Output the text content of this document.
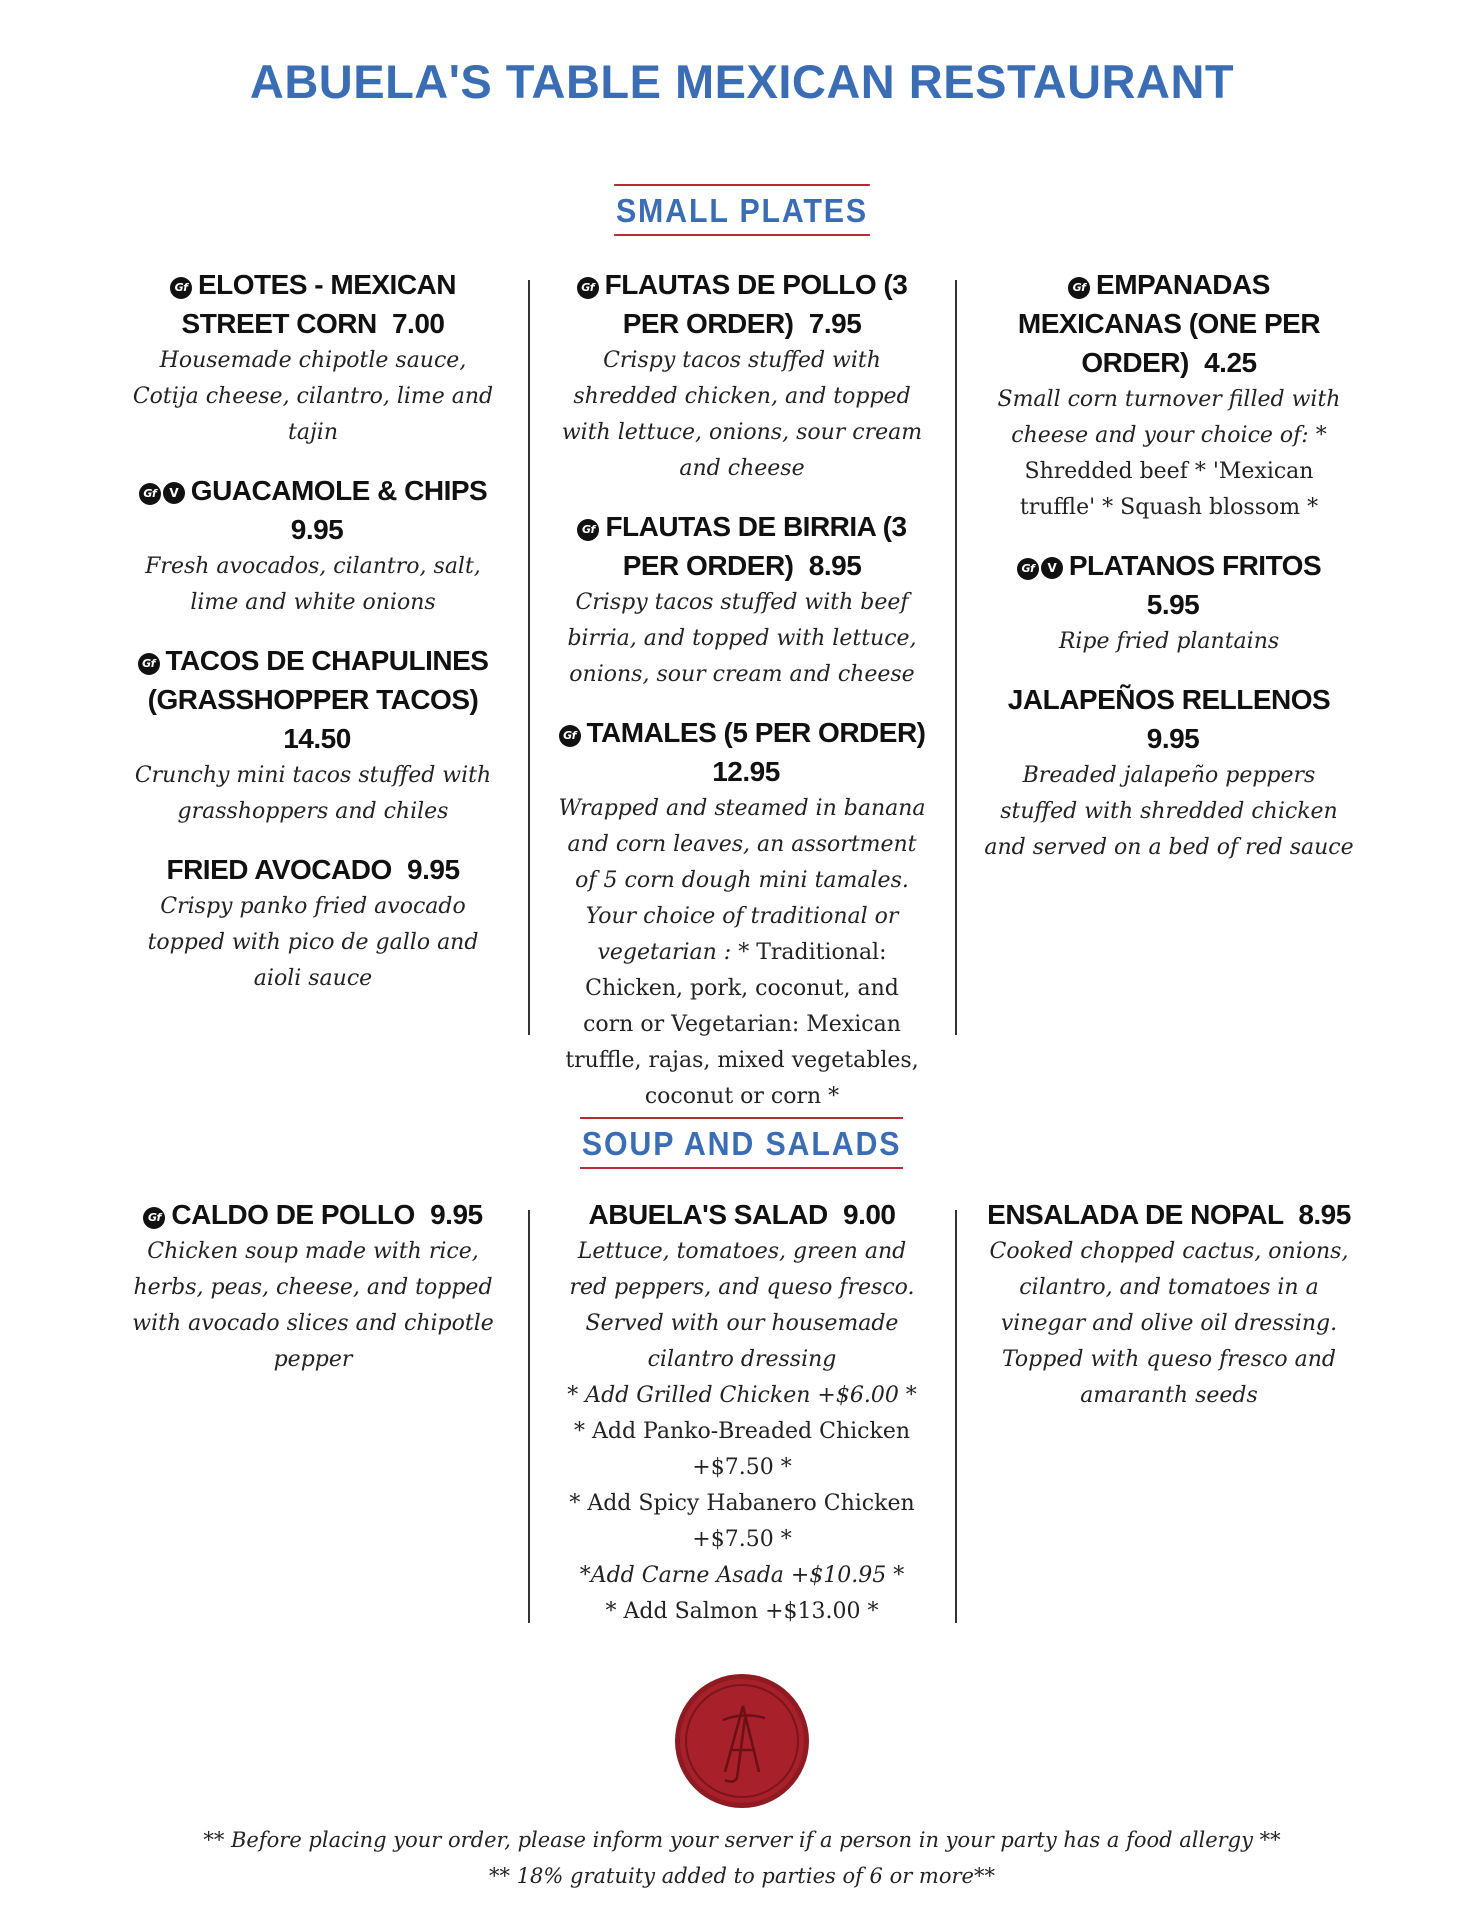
ABUELA'S TABLE MEXICAN RESTAURANT
SMALL PLATES
Gf ELOTES - MEXICAN STREET CORN 7.00
Housemade chipotle sauce, Cotija cheese, cilantro, lime and tajin
Gf V GUACAMOLE & CHIPS 9.95
Fresh avocados, cilantro, salt, lime and white onions
Gf TACOS DE CHAPULINES (GRASSHOPPER TACOS) 14.50
Crunchy mini tacos stuffed with grasshoppers and chiles
FRIED AVOCADO 9.95
Crispy panko fried avocado topped with pico de gallo and aioli sauce
Gf FLAUTAS DE POLLO (3 PER ORDER) 7.95
Crispy tacos stuffed with shredded chicken, and topped with lettuce, onions, sour cream and cheese
Gf FLAUTAS DE BIRRIA (3 PER ORDER) 8.95
Crispy tacos stuffed with beef birria, and topped with lettuce, onions, sour cream and cheese
Gf TAMALES (5 PER ORDER) 12.95
Wrapped and steamed in banana and corn leaves, an assortment of 5 corn dough mini tamales. Your choice of traditional or vegetarian : * Traditional: Chicken, pork, coconut, and corn or Vegetarian: Mexican truffle, rajas, mixed vegetables, coconut or corn *
Gf EMPANADAS MEXICANAS (ONE PER ORDER) 4.25
Small corn turnover filled with cheese and your choice of: * Shredded beef * 'Mexican truffle' * Squash blossom *
Gf V PLATANOS FRITOS 5.95
Ripe fried plantains
JALAPEÑOS RELLENOS 9.95
Breaded jalapeño peppers stuffed with shredded chicken and served on a bed of red sauce
SOUP AND SALADS
Gf CALDO DE POLLO 9.95
Chicken soup made with rice, herbs, peas, cheese, and topped with avocado slices and chipotle pepper
ABUELA'S SALAD 9.00
Lettuce, tomatoes, green and red peppers, and queso fresco. Served with our housemade cilantro dressing
* Add Grilled Chicken +$6.00 *
* Add Panko-Breaded Chicken +$7.50 *
* Add Spicy Habanero Chicken +$7.50 *
*Add Carne Asada +$10.95 *
* Add Salmon +$13.00 *
ENSALADA DE NOPAL 8.95
Cooked chopped cactus, onions, cilantro, and tomatoes in a vinegar and olive oil dressing. Topped with queso fresco and amaranth seeds
** Before placing your order, please inform your server if a person in your party has a food allergy **
** 18% gratuity added to parties of 6 or more**
